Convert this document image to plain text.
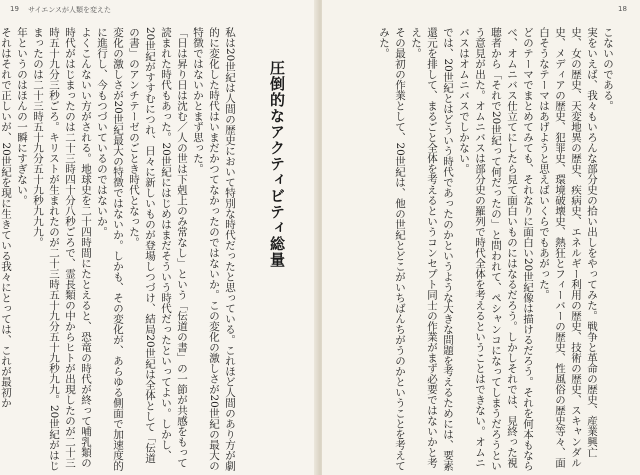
19 サイエンスが人類を変えた

私は20世紀は人間の歴史において特別な時代だったと思っている。これほど人間のあり方が劇的に変化した時代はいまだかつてなかったのではないか。この変化の激しさが20世紀の最大の特徴ではないかとまず思った。

「日は昇り日は沈む／人の世は下剋上のみ常なし」という「伝道の書」の一節が共感をもって読まれた時代もあった。20世紀にはじめはまだそういう時代だったといってよい。しかし、20世紀がすすむにつれ、日々に新しいものが登場しつづけ、結局20世紀は全体として「伝道の書」のアンチテーゼのごとき時代となった。

変化の激しさが20世紀最大の特徴ではないか。しかも、その変化が、あらゆる側面で加速度的に進行し、今もつづいているのではないか。

よくこんないい方がされる。地球史を二十四時間にたとえると、恐竜の時代が終って哺乳類の時代がはじまったのは二十三時四十分八秒ごろで、霊長類の中からヒトが出現したのが二十三時五十九分三秒ごろ。キリストが生まれたのが二十三時五十九分五十九秒九九。20世紀がはじまったのは二十三時五十九分五十九秒九九九。

年というのはほんの一瞬にすぎない。

それはそれで正しいが、20世紀を現に生きている我々にとっては、これが最初か	圧倒的なアクティビティ総量
18

こないのである。

実をいえば、我々もいろんな部分史の拾い出しをやってみた。戦争と革命の歴史、産業興亡史、女の歴史、天変地異の歴史、疾病史、エネルギー利用の歴史、技術の歴史、スキャンダル史、メディアの歴史、犯罪史、環境破壊史、熱狂とフィーバーの歴史、性風俗の歴史等々、面白そうなテーマはあげようと思えばいくらでもあがった。

どのテーマでまとめてみても、それなりに面白い20世紀像は描けるだろう。それを何本もならべ、オムニバス仕立てにしたら見て面白いものにはなるだろう。しかしそれでは、見終った視聴者から「それで20世紀って何だったの」と問われて、ペシャンコになってしまうだろうという意見が出た。オムニバスは部分史の羅列で時代全体を考えるということはできない。オムニバスはオムニバスでしかない。

では、20世紀とはどういう時代であったのかというような大きな問題を考えるためには、要素還元を排して、まるごと全体を考えるというコンセプト同士の作業がまず必要ではないかと考えた。

その最初の作業として、20世紀は、他の世紀とどこがいちばんちがうのかということを考えてみた。
